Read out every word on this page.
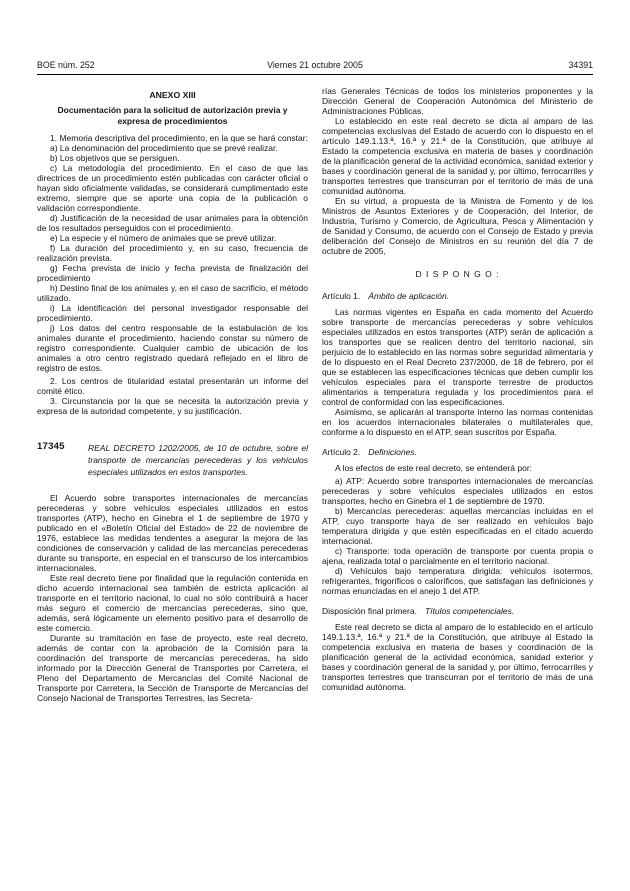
BOE núm. 252	Viernes 21 octubre 2005	34391

ANEXO XIII

Documentación para la solicitud de autorización previa y expresa de procedimientos

1. Memoria descriptiva del procedimiento, en la que se hará constar:

a) La denominación del procedimiento que se prevé realizar.

b) Los objetivos que se persiguen.

c) La metodología del procedimiento. En el caso de que las directrices de un procedimiento estén publicadas con carácter oficial o hayan sido oficialmente validadas, se considerará cumplimentado este extremo, siempre que se aporte una copia de la publicación o validación correspondiente.

d) Justificación de la necesidad de usar animales para la obtención de los resultados perseguidos con el procedimiento.

e) La especie y el número de animales que se prevé utilizar.

f) La duración del procedimiento y, en su caso, frecuencia de realización prevista.

g) Fecha prevista de inicio y fecha prevista de finalización del procedimiento

h) Destino final de los animales y, en el caso de sacrificio, el método utilizado.

i) La identificación del personal investigador responsable del procedimiento.

j) Los datos del centro responsable de la estabulación de los animales durante el procedimiento, haciendo constar su número de registro correspondiente. Cualquier cambio de ubicación de los animales a otro centro registrado quedará reflejado en el libro de registro de estos.

2. Los centros de titularidad estatal presentarán un informe del comité ético.

3. Circunstancia por la que se necesita la autorización previa y expresa de la autoridad competente, y su justificación.

17345	REAL DECRETO 1202/2005, de 10 de octubre, sobre el transporte de mercancías perecederas y los vehículos especiales utilizados en estos transportes.

El Acuerdo sobre transportes internacionales de mercancías perecederas y sobre vehículos especiales utilizados en estos transportes (ATP), hecho en Ginebra el 1 de septiembre de 1970 y publicado en el «Boletín Oficial del Estado» de 22 de noviembre de 1976, establece las medidas tendentes a asegurar la mejora de las condiciones de conservación y calidad de las mercancías perecederas durante su transporte, en especial en el transcurso de los intercambios internacionales.

Este real decreto tiene por finalidad que la regulación contenida en dicho acuerdo internacional sea también de estricta aplicación al transporte en el territorio nacional, lo cual no sólo contribuirá a hacer más seguro el comercio de mercancías perecederas, sino que, además, será lógicamente un elemento positivo para el desarrollo de este comercio.

Durante su tramitación en fase de proyecto, este real decreto, además de contar con la aprobación de la Comisión para la coordinación del transporte de mercancías perecederas, ha sido informado por la Dirección General de Transportes por Carretera, el Pleno del Departamento de Mercancías del Comité Nacional de Transporte por Carretera, la Sección de Transporte de Mercancías del Consejo Nacional de Transportes Terrestres, las Secreta-

rías Generales Técnicas de todos los ministerios proponentes y la Dirección General de Cooperación Autonómica del Ministerio de Administraciones Públicas.

Lo establecido en este real decreto se dicta al amparo de las competencias exclusivas del Estado de acuerdo con lo dispuesto en el artículo 149.1.13.ª, 16.ª y 21.ª de la Constitución, que atribuye al Estado la competencia exclusiva en materia de bases y coordinación de la planificación general de la actividad económica, sanidad exterior y bases y coordinación general de la sanidad y, por último, ferrocarriles y transportes terrestres que transcurran por el territorio de más de una comunidad autónoma.

En su virtud, a propuesta de la Ministra de Fomento y de los Ministros de Asuntos Exteriores y de Cooperación, del Interior, de Industria, Turismo y Comercio, de Agricultura, Pesca y Alimentación y de Sanidad y Consumo, de acuerdo con el Consejo de Estado y previa deliberación del Consejo de Ministros en su reunión del día 7 de octubre de 2005,

D I S P O N G O :

Artículo 1. Ámbito de aplicación.

Las normas vigentes en España en cada momento del Acuerdo sobre transporte de mercancías perecederas y sobre vehículos especiales utilizados en estos transportes (ATP) serán de aplicación a los transportes que se realicen dentro del territorio nacional, sin perjuicio de lo establecido en las normas sobre seguridad alimentaria y de lo dispuesto en el Real Decreto 237/2000, de 18 de febrero, por el que se establecen las especificaciones técnicas que deben cumplir los vehículos especiales para el transporte terrestre de productos alimentarios a temperatura regulada y los procedimientos para el control de conformidad con las especificaciones.

Asimismo, se aplicarán al transporte interno las normas contenidas en los acuerdos internacionales bilaterales o multilaterales que, conforme a lo dispuesto en el ATP, sean suscritos por España.

Artículo 2. Definiciones.

A los efectos de este real decreto, se entenderá por:

a) ATP: Acuerdo sobre transportes internacionales de mercancías perecederas y sobre vehículos especiales utilizados en estos transportes, hecho en Ginebra el 1 de septiembre de 1970.

b) Mercancías perecederas: aquellas mercancías incluidas en el ATP, cuyo transporte haya de ser realizado en vehículos bajo temperatura dirigida y que estén especificadas en el citado acuerdo internacional.

c) Transporte: toda operación de transporte por cuenta propia o ajena, realizada total o parcialmente en el territorio nacional.

d) Vehículos bajo temperatura dirigida: vehículos isotermos, refrigerantes, frigoríficos o caloríficos, que satisfagan las definiciones y normas enunciadas en el anejo 1 del ATP.

Disposición final primera. Títulos competenciales.

Este real decreto se dicta al amparo de lo establecido en el artículo 149.1.13.ª, 16.ª y 21.ª de la Constitución, que atribuye al Estado la competencia exclusiva en materia de bases y coordinación de la planificación general de la actividad económica, sanidad exterior y bases y coordinación general de la sanidad y, por último, ferrocarriles y transportes terrestres que transcurran por el territorio de más de una comunidad autónoma.
